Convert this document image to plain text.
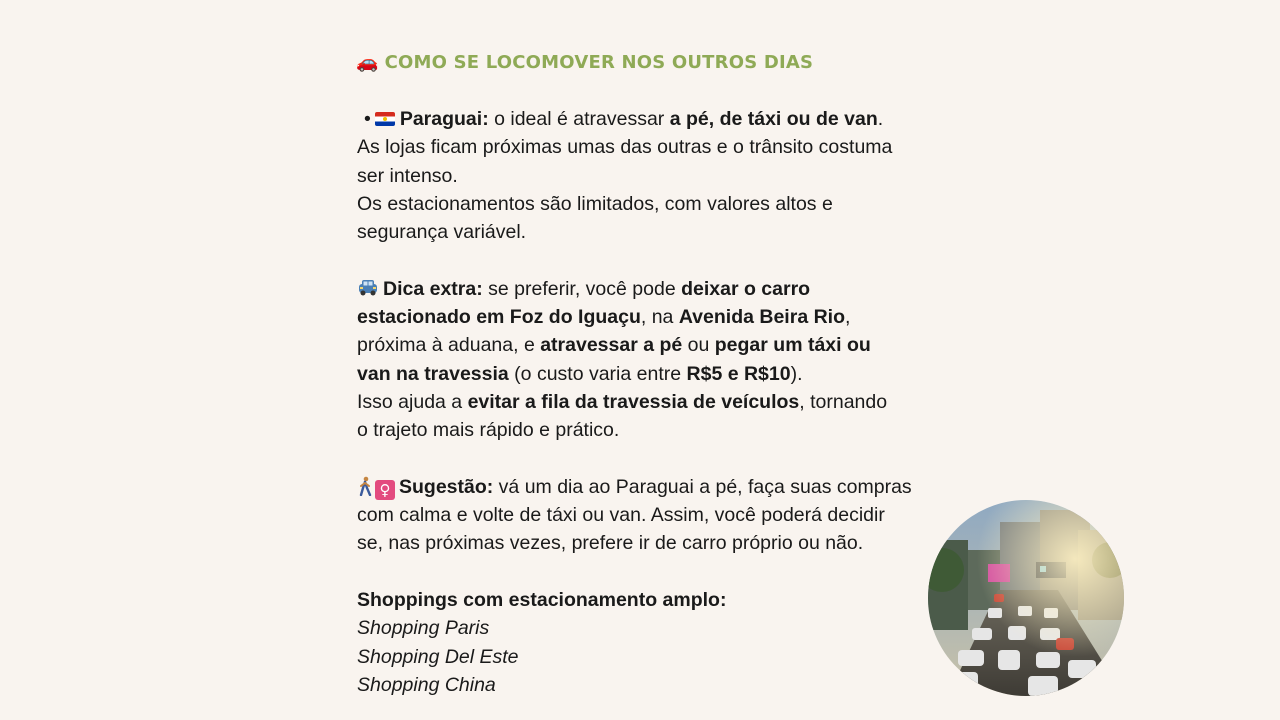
🚗 COMO SE LOCOMOVER NOS OUTROS DIAS

• Paraguai: o ideal é atravessar a pé, de táxi ou de van.
As lojas ficam próximas umas das outras e o trânsito costuma
ser intenso.
Os estacionamentos são limitados, com valores altos e
segurança variável.

Dica extra: se preferir, você pode deixar o carro
estacionado em Foz do Iguaçu, na Avenida Beira Rio,
próxima à aduana, e atravessar a pé ou pegar um táxi ou
van na travessia (o custo varia entre R$5 e R$10).
Isso ajuda a evitar a fila da travessia de veículos, tornando
o trajeto mais rápido e prático.

♀ Sugestão: vá um dia ao Paraguai a pé, faça suas compras
com calma e volte de táxi ou van. Assim, você poderá decidir
se, nas próximas vezes, prefere ir de carro próprio ou não.

Shoppings com estacionamento amplo:
Shopping Paris
Shopping Del Este
Shopping China
